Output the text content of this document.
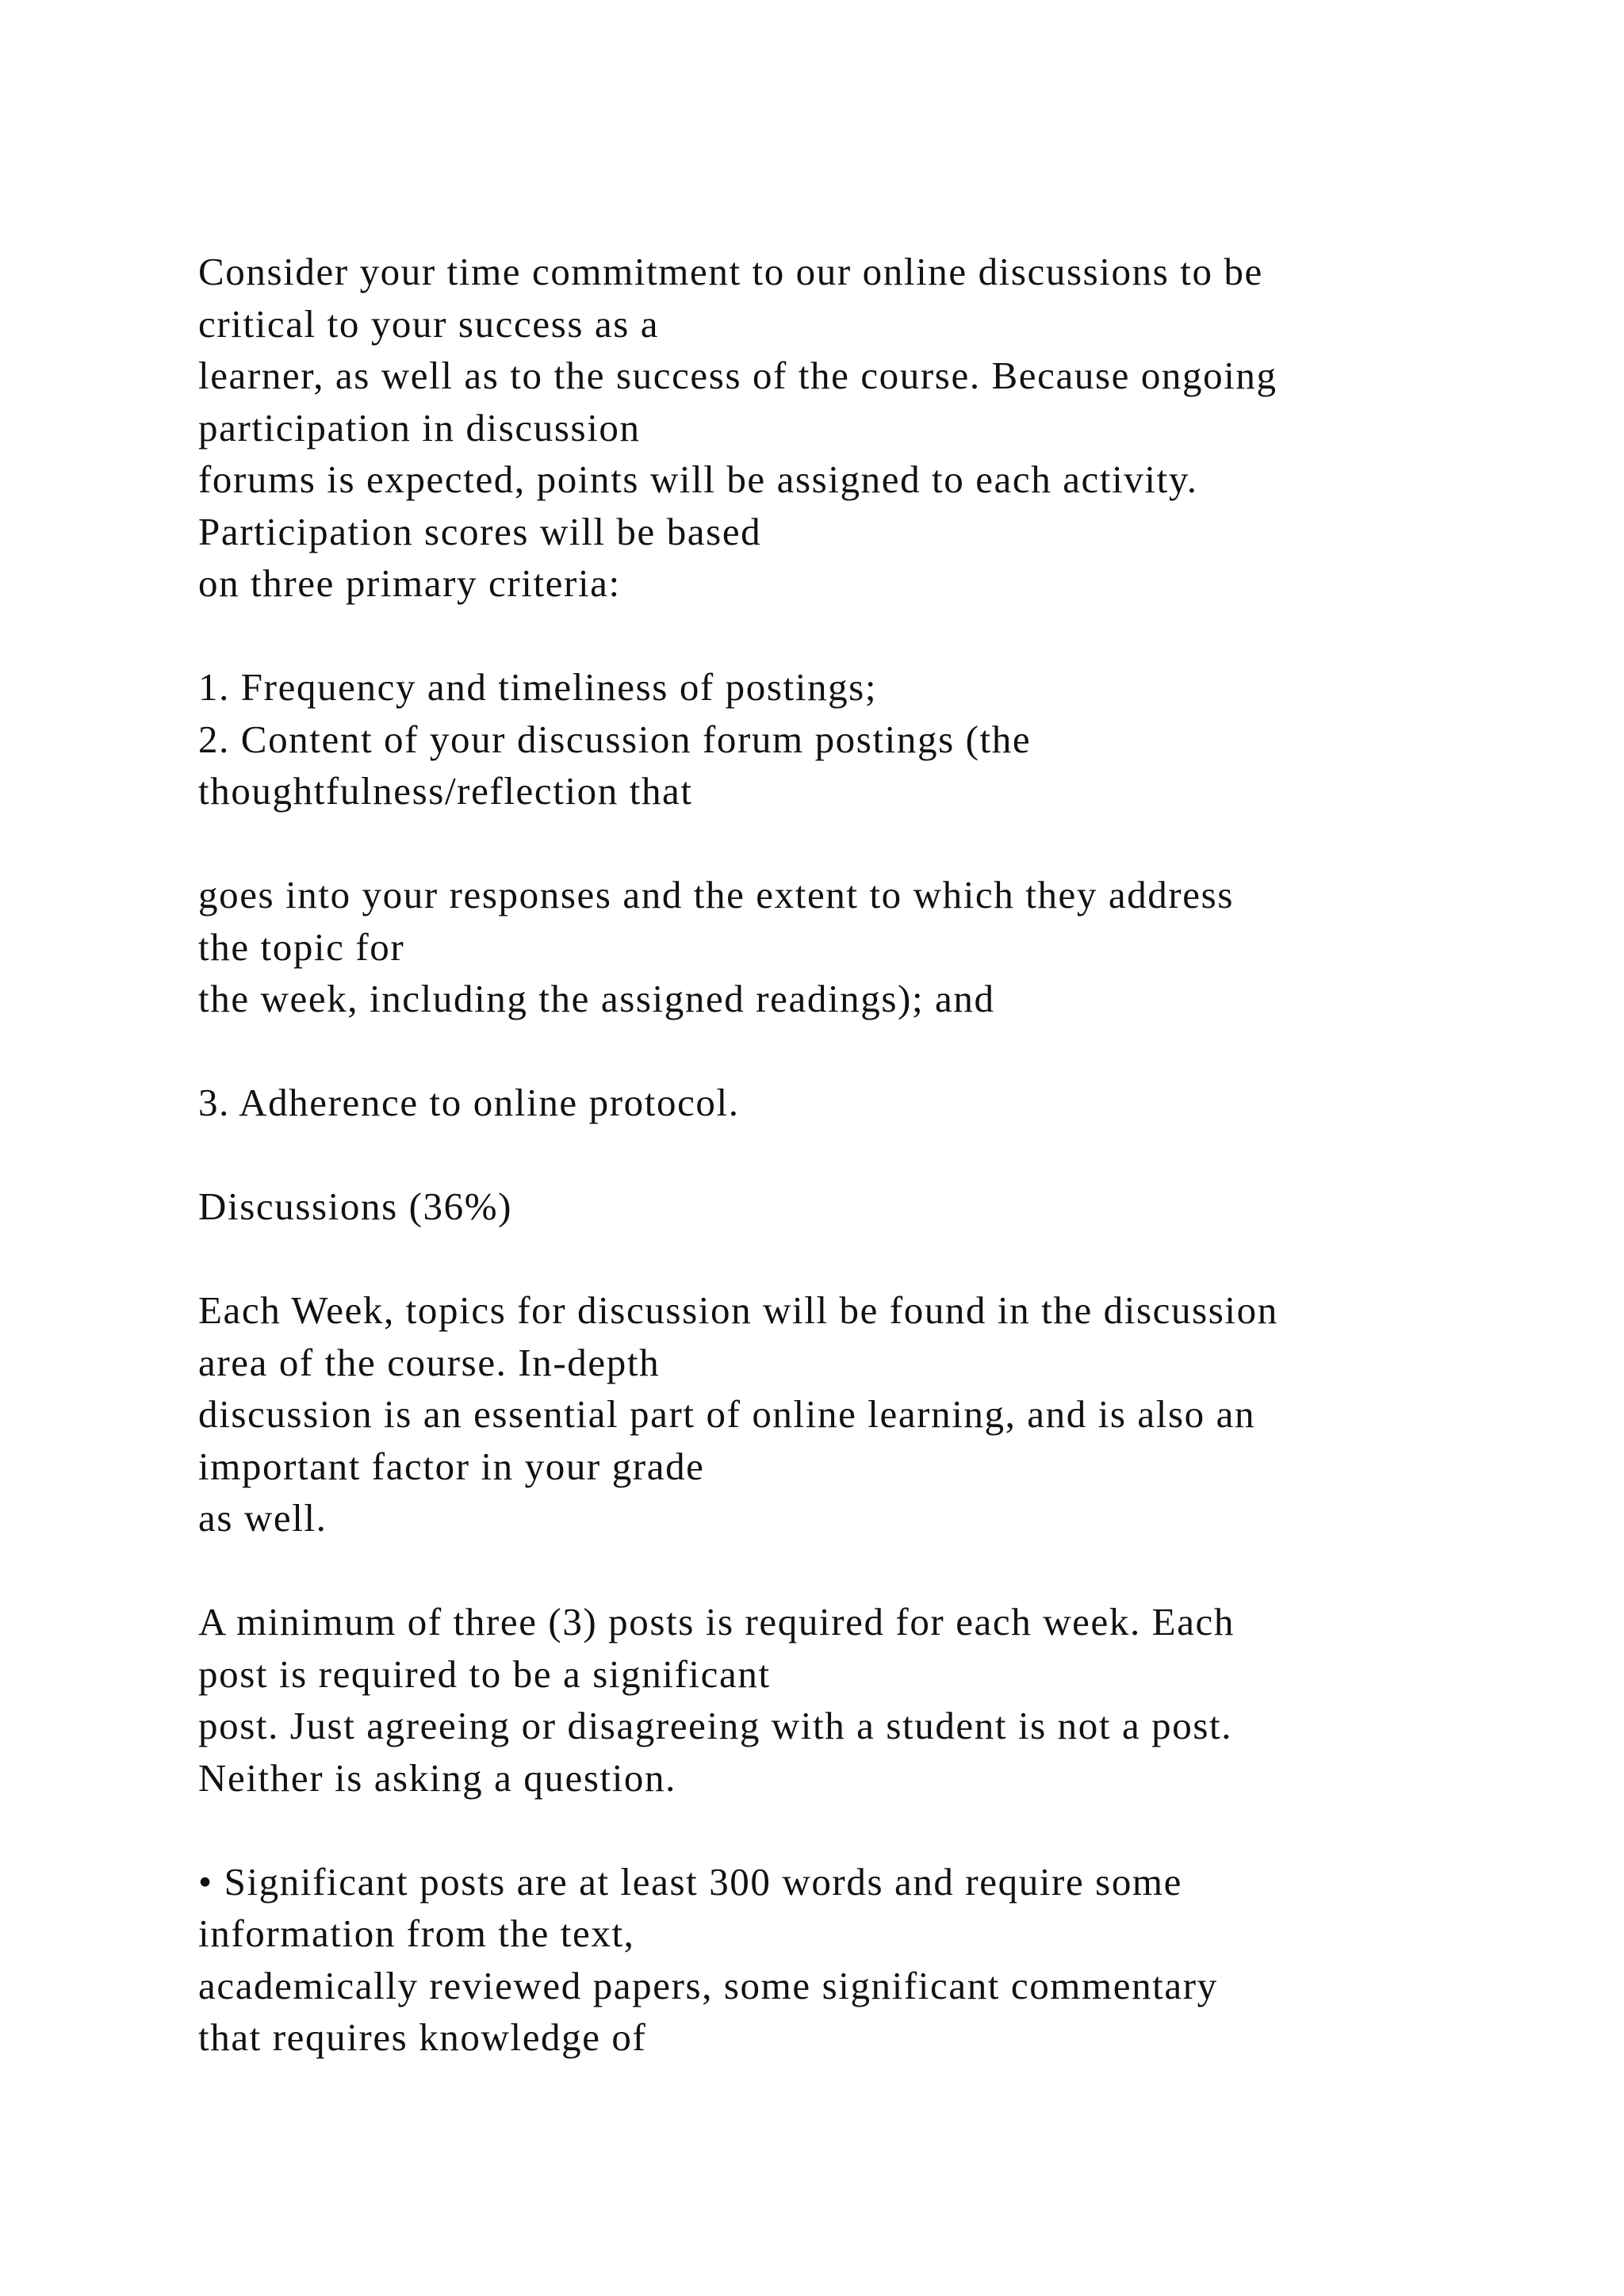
Consider your time commitment to our online discussions to be
critical to your success as a
learner, as well as to the success of the course. Because ongoing
participation in discussion
forums is expected, points will be assigned to each activity.
Participation scores will be based
on three primary criteria:
1. Frequency and timeliness of postings;
2. Content of your discussion forum postings (the
thoughtfulness/reflection that
goes into your responses and the extent to which they address
the topic for
the week, including the assigned readings); and
3. Adherence to online protocol.
Discussions (36%)
Each Week, topics for discussion will be found in the discussion
area of the course. In-depth
discussion is an essential part of online learning, and is also an
important factor in your grade
as well.
A minimum of three (3) posts is required for each week. Each
post is required to be a significant
post. Just agreeing or disagreeing with a student is not a post.
Neither is asking a question.
• Significant posts are at least 300 words and require some
information from the text,
academically reviewed papers, some significant commentary
that requires knowledge of
